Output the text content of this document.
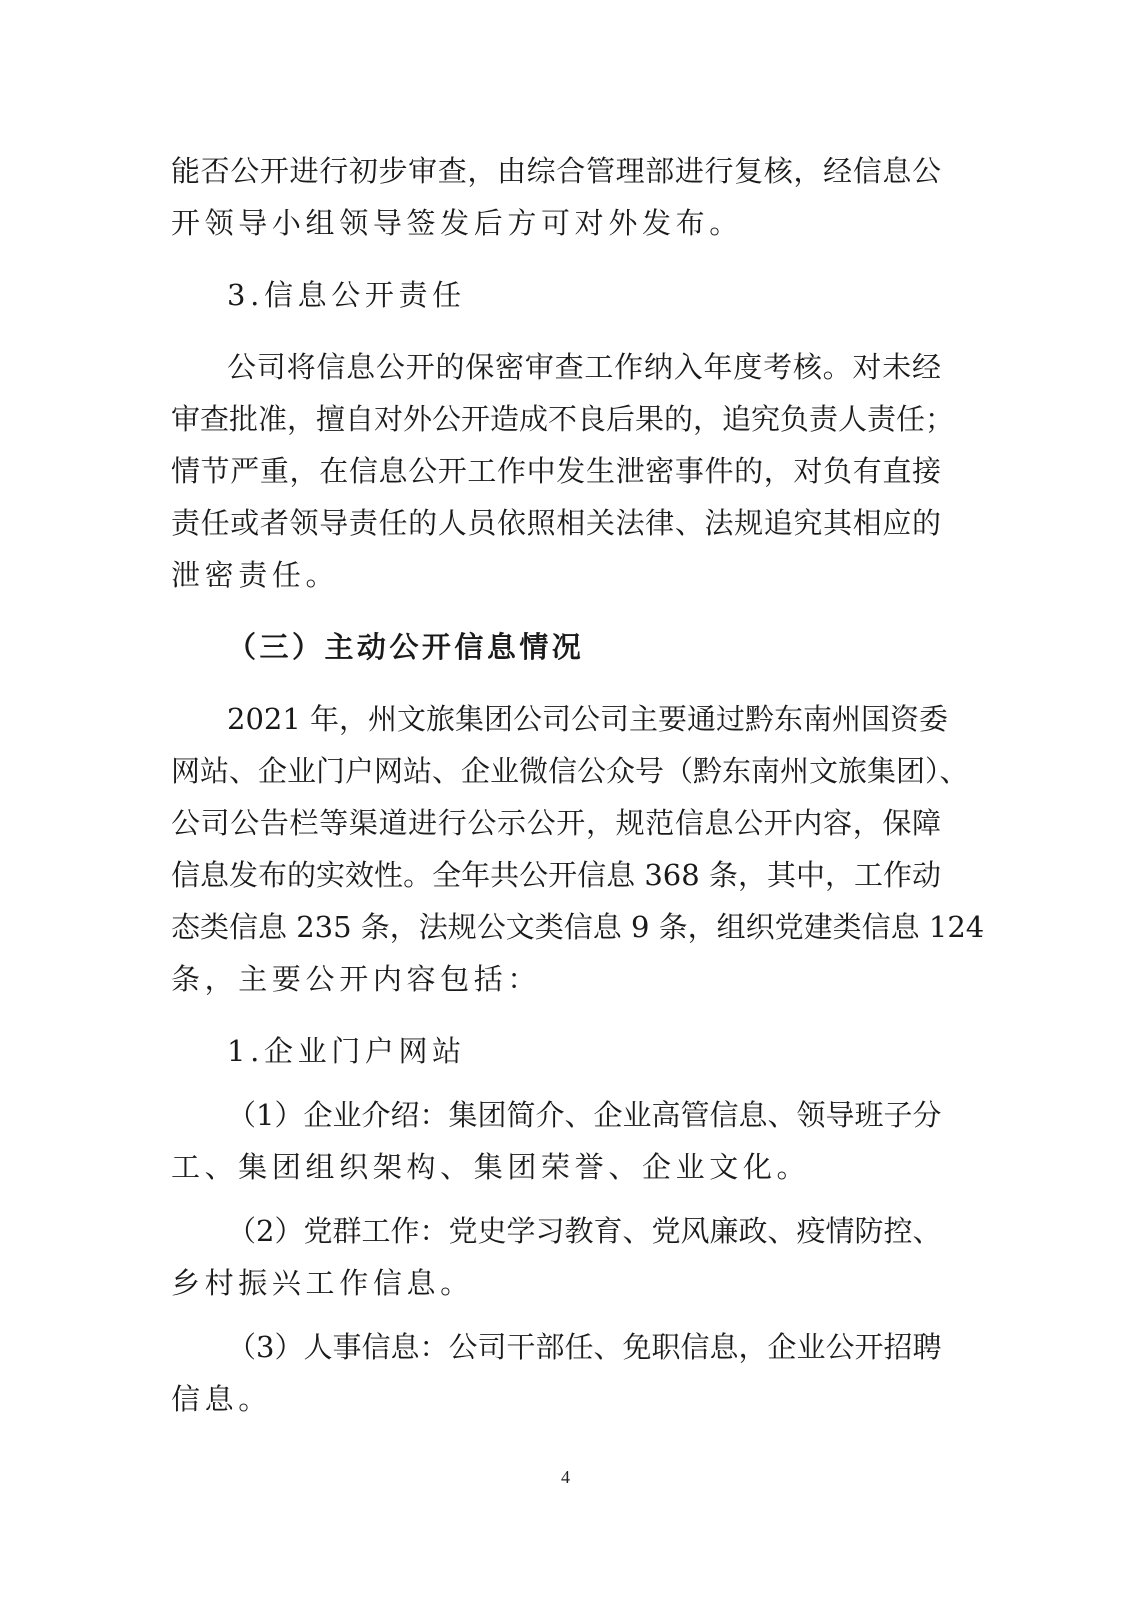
能否公开进行初步审查，由综合管理部进行复核，经信息公
开领导小组领导签发后方可对外发布。
3.信息公开责任
公司将信息公开的保密审查工作纳入年度考核。对未经
审查批准，擅自对外公开造成不良后果的，追究负责人责任；
情节严重，在信息公开工作中发生泄密事件的，对负有直接
责任或者领导责任的人员依照相关法律、法规追究其相应的
泄密责任。
（三）主动公开信息情况
2021 年，州文旅集团公司公司主要通过黔东南州国资委
网站、企业门户网站、企业微信公众号（黔东南州文旅集团）、
公司公告栏等渠道进行公示公开，规范信息公开内容，保障
信息发布的实效性。全年共公开信息 368 条，其中，工作动
态类信息 235 条，法规公文类信息 9 条，组织党建类信息 124
条，主要公开内容包括：
1.企业门户网站
（1）企业介绍：集团简介、企业高管信息、领导班子分
工、集团组织架构、集团荣誉、企业文化。
（2）党群工作：党史学习教育、党风廉政、疫情防控、
乡村振兴工作信息。
（3）人事信息：公司干部任、免职信息，企业公开招聘
信息。
4
